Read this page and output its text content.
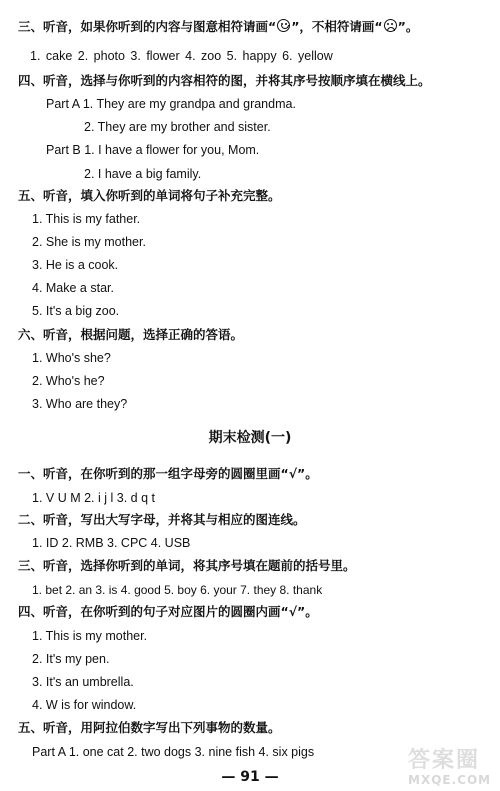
三、听音，如果你听到的内容与图意相符请画“ ”，不相符请画“ ”。
1. cake 2. photo 3. flower 4. zoo 5. happy 6. yellow
四、听音，选择与你听到的内容相符的图，并将其序号按顺序填在横线上。
Part A 1. They are my grandpa and grandma.
2. They are my brother and sister.
Part B 1. I have a flower for you, Mom.
2. I have a big family.
五、听音，填入你听到的单词将句子补充完整。
1. This is my father.
2. She is my mother.
3. He is a cook.
4. Make a star.
5. It's a big zoo.
六、听音，根据问题，选择正确的答语。
1. Who's she?
2. Who's he?
3. Who are they?
期末检测(一)
一、听音，在你听到的那一组字母旁的圆圈里画“√”。
1. V U M 2. i j l 3. d q t
二、听音，写出大写字母，并将其与相应的图连线。
1. ID 2. RMB 3. CPC 4. USB
三、听音，选择你听到的单词，将其序号填在题前的括号里。
1. bet 2. an 3. is 4. good 5. boy 6. your 7. they 8. thank
四、听音，在你听到的句子对应图片的圆圈内画“√”。
1. This is my mother.
2. It's my pen.
3. It's an umbrella.
4. W is for window.
五、听音，用阿拉伯数字写出下列事物的数量。
Part A 1. one cat 2. two dogs 3. nine fish 4. six pigs
— 91 —
答案圈
MXQE.COM
